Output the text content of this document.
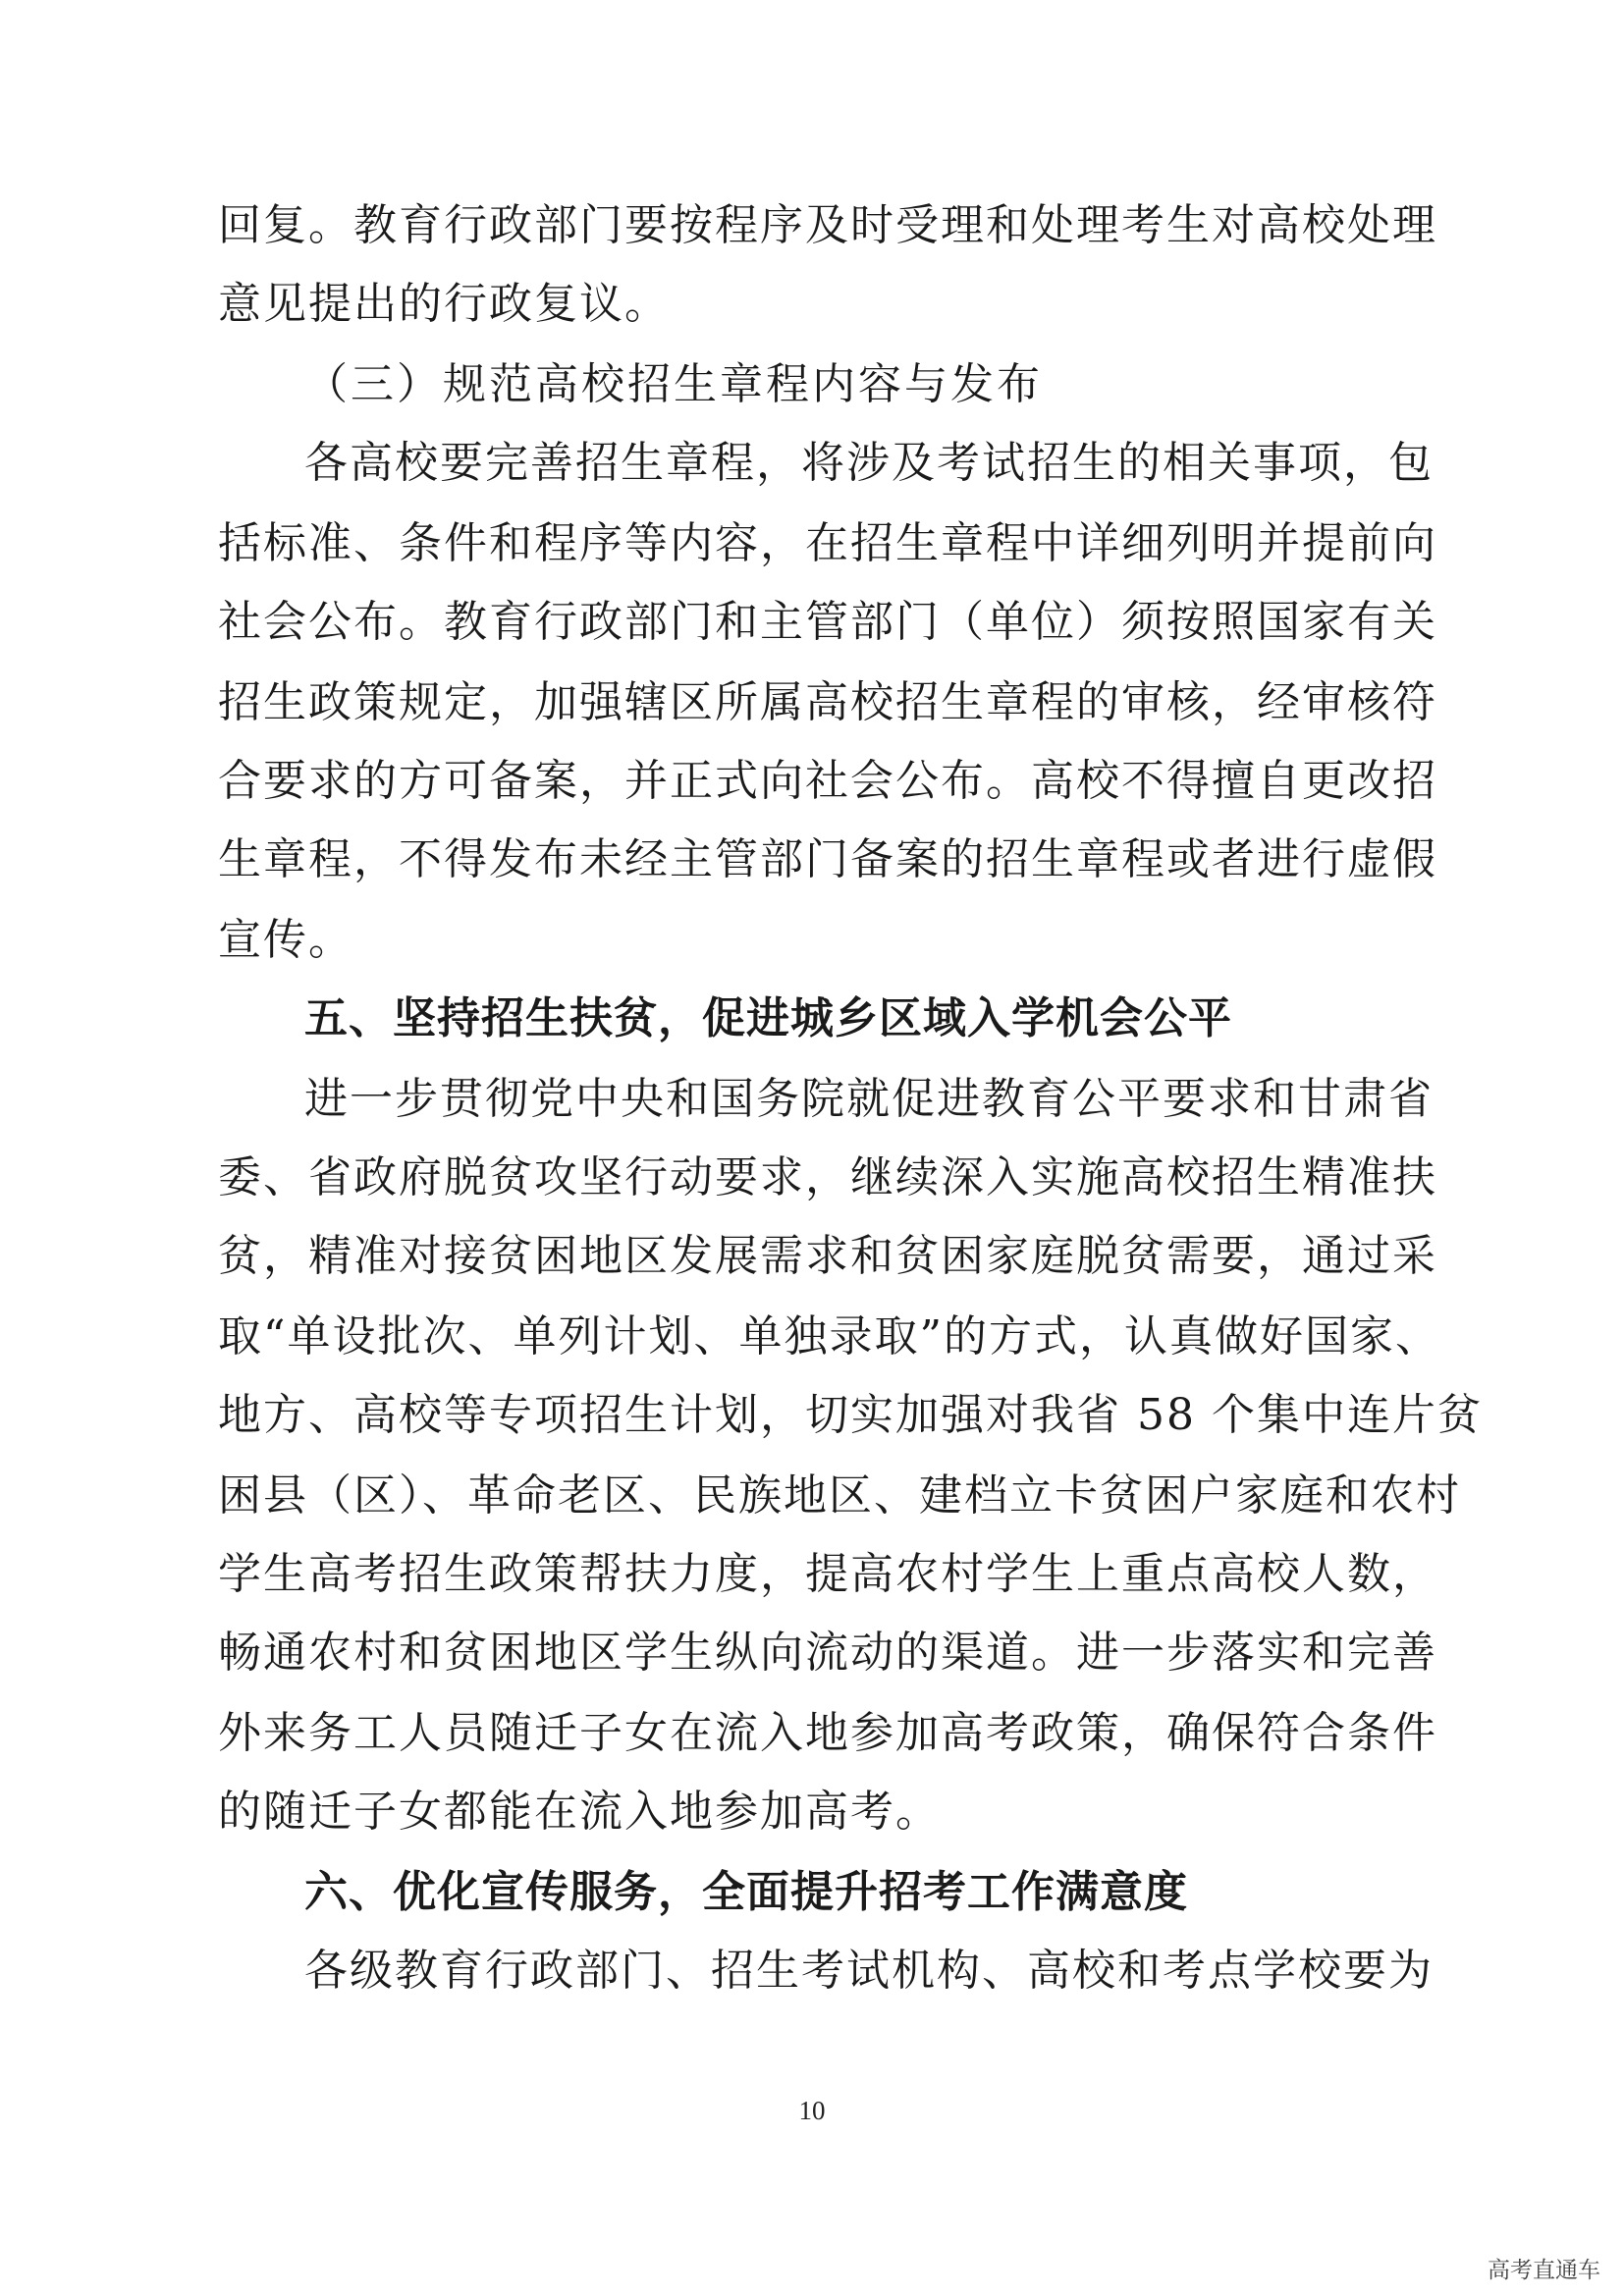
回复。教育行政部门要按程序及时受理和处理考生对高校处理
意见提出的行政复议。
（三）规范高校招生章程内容与发布
各高校要完善招生章程，将涉及考试招生的相关事项，包
括标准、条件和程序等内容，在招生章程中详细列明并提前向
社会公布。教育行政部门和主管部门（单位）须按照国家有关
招生政策规定，加强辖区所属高校招生章程的审核，经审核符
合要求的方可备案，并正式向社会公布。高校不得擅自更改招
生章程，不得发布未经主管部门备案的招生章程或者进行虚假
宣传。
五、坚持招生扶贫，促进城乡区域入学机会公平
进一步贯彻党中央和国务院就促进教育公平要求和甘肃省
委、省政府脱贫攻坚行动要求，继续深入实施高校招生精准扶
贫，精准对接贫困地区发展需求和贫困家庭脱贫需要，通过采
取“单设批次、单列计划、单独录取”的方式，认真做好国家、
地方、高校等专项招生计划，切实加强对我省 58 个集中连片贫
困县（区）、革命老区、民族地区、建档立卡贫困户家庭和农村
学生高考招生政策帮扶力度，提高农村学生上重点高校人数，
畅通农村和贫困地区学生纵向流动的渠道。进一步落实和完善
外来务工人员随迁子女在流入地参加高考政策，确保符合条件
的随迁子女都能在流入地参加高考。
六、优化宣传服务，全面提升招考工作满意度
各级教育行政部门、招生考试机构、高校和考点学校要为
10
高考直通车
